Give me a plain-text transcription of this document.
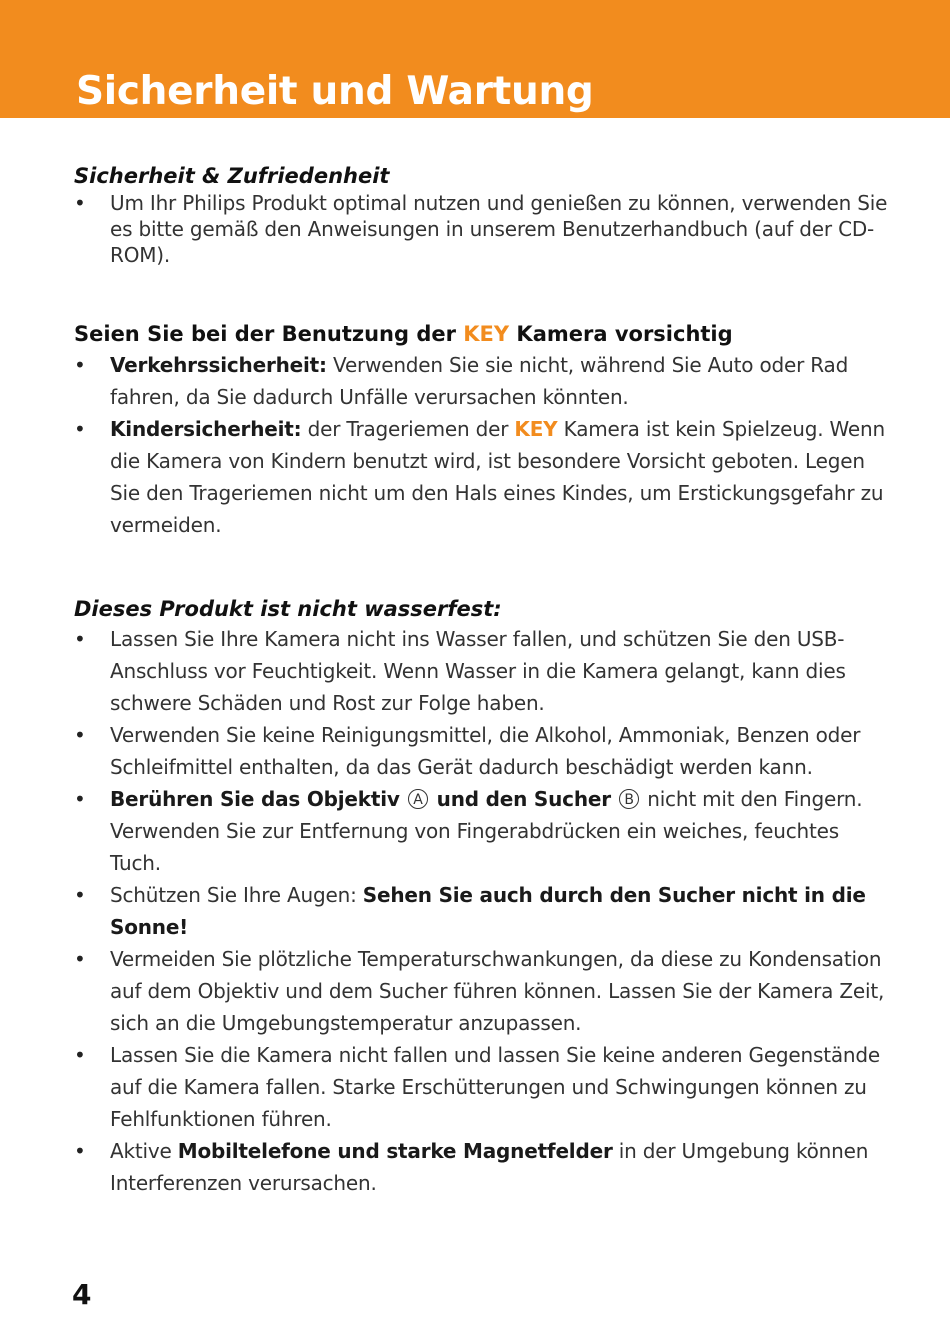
Sicherheit und Wartung

Sicherheit & Zufriedenheit

• Um Ihr Philips Produkt optimal nutzen und genießen zu können, verwenden Sie es bitte gemäß den Anweisungen in unserem Benutzerhandbuch (auf der CD-ROM).

Seien Sie bei der Benutzung der KEY Kamera vorsichtig

• Verkehrssicherheit: Verwenden Sie sie nicht, während Sie Auto oder Rad fahren, da Sie dadurch Unfälle verursachen könnten.
• Kindersicherheit: der Trageriemen der KEY Kamera ist kein Spielzeug. Wenn die Kamera von Kindern benutzt wird, ist besondere Vorsicht geboten. Legen Sie den Trageriemen nicht um den Hals eines Kindes, um Erstickungsgefahr zu vermeiden.

Dieses Produkt ist nicht wasserfest:

• Lassen Sie Ihre Kamera nicht ins Wasser fallen, und schützen Sie den USB-Anschluss vor Feuchtigkeit. Wenn Wasser in die Kamera gelangt, kann dies schwere Schäden und Rost zur Folge haben.
• Verwenden Sie keine Reinigungsmittel, die Alkohol, Ammoniak, Benzen oder Schleifmittel enthalten, da das Gerät dadurch beschädigt werden kann.
• Berühren Sie das Objektiv A und den Sucher B nicht mit den Fingern. Verwenden Sie zur Entfernung von Fingerabdrücken ein weiches, feuchtes Tuch.
• Schützen Sie Ihre Augen: Sehen Sie auch durch den Sucher nicht in die Sonne!
• Vermeiden Sie plötzliche Temperaturschwankungen, da diese zu Kondensation auf dem Objektiv und dem Sucher führen können. Lassen Sie der Kamera Zeit, sich an die Umgebungstemperatur anzupassen.
• Lassen Sie die Kamera nicht fallen und lassen Sie keine anderen Gegenstände auf die Kamera fallen. Starke Erschütterungen und Schwingungen können zu Fehlfunktionen führen.
• Aktive Mobiltelefone und starke Magnetfelder in der Umgebung können Interferenzen verursachen.
4
